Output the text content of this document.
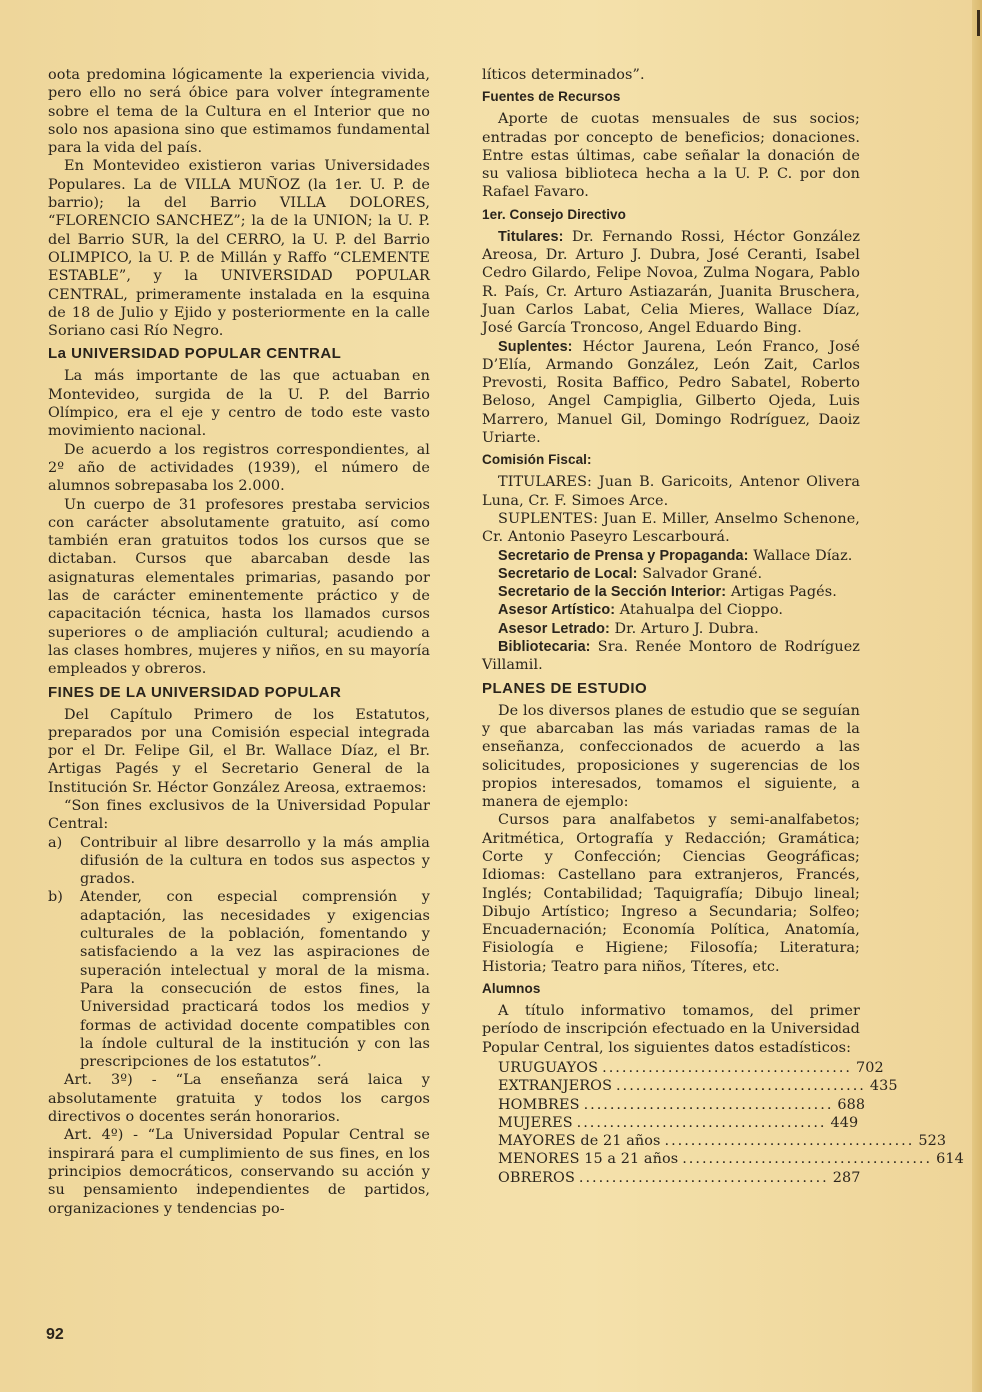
oota predomina lógicamente la experiencia vivida, pero ello no será óbice para volver íntegramente sobre el tema de la Cultura en el Interior que no solo nos apasiona sino que estimamos fundamental para la vida del país.

En Montevideo existieron varias Universidades Populares. La de VILLA MUÑOZ (la 1er. U. P. de barrio); la del Barrio VILLA DOLORES, “FLORENCIO SANCHEZ”; la de la UNION; la U. P. del Barrio SUR, la del CERRO, la U. P. del Barrio OLIMPICO, la U. P. de Millán y Raffo “CLEMENTE ESTABLE”, y la UNIVERSIDAD POPULAR CENTRAL, primeramente instalada en la esquina de 18 de Julio y Ejido y posteriormente en la calle Soriano casi Río Negro.

La UNIVERSIDAD POPULAR CENTRAL

La más importante de las que actuaban en Montevideo, surgida de la U. P. del Barrio Olímpico, era el eje y centro de todo este vasto movimiento nacional.

De acuerdo a los registros correspondientes, al 2º año de actividades (1939), el número de alumnos sobrepasaba los 2.000.

Un cuerpo de 31 profesores prestaba servicios con carácter absolutamente gratuito, así como también eran gratuitos todos los cursos que se dictaban. Cursos que abarcaban desde las asignaturas elementales primarias, pasando por las de carácter eminentemente práctico y de capacitación técnica, hasta los llamados cursos superiores o de ampliación cultural; acudiendo a las clases hombres, mujeres y niños, en su mayoría empleados y obreros.

FINES DE LA UNIVERSIDAD POPULAR

Del Capítulo Primero de los Estatutos, preparados por una Comisión especial integrada por el Dr. Felipe Gil, el Br. Wallace Díaz, el Br. Artigas Pagés y el Secretario General de la Institución Sr. Héctor González Areosa, extraemos:

“Son fines exclusivos de la Universidad Popular Central:

a)	Contribuir al libre desarrollo y la más amplia difusión de la cultura en todos sus aspectos y grados.
b)	Atender, con especial comprensión y adaptación, las necesidades y exigencias culturales de la población, fomentando y satisfaciendo a la vez las aspiraciones de superación intelectual y moral de la misma. Para la consecución de estos fines, la Universidad practicará todos los medios y formas de actividad docente compatibles con la índole cultural de la institución y con las prescripciones de los estatutos”.

Art. 3º) - “La enseñanza será laica y absolutamente gratuita y todos los cargos directivos o docentes serán honorarios.

Art. 4º) - “La Universidad Popular Central se inspirará para el cumplimiento de sus fines, en los principios democráticos, conservando su acción y su pensamiento independientes de partidos, organizaciones y tendencias po-

líticos determinados”.

Fuentes de Recursos

Aporte de cuotas mensuales de sus socios; entradas por concepto de beneficios; donaciones. Entre estas últimas, cabe señalar la donación de su valiosa biblioteca hecha a la U. P. C. por don Rafael Favaro.

1er. Consejo Directivo

Titulares: Dr. Fernando Rossi, Héctor González Areosa, Dr. Arturo J. Dubra, José Ceranti, Isabel Cedro Gilardo, Felipe Novoa, Zulma Nogara, Pablo R. País, Cr. Arturo Astiazarán, Juanita Bruschera, Juan Carlos Labat, Celia Mieres, Wallace Díaz, José García Troncoso, Angel Eduardo Bing.

Suplentes: Héctor Jaurena, León Franco, José D’Elía, Armando González, León Zait, Carlos Prevosti, Rosita Baffico, Pedro Sabatel, Roberto Beloso, Angel Campiglia, Gilberto Ojeda, Luis Marrero, Manuel Gil, Domingo Rodríguez, Daoiz Uriarte.

Comisión Fiscal:

TITULARES: Juan B. Garicoits, Antenor Olivera Luna, Cr. F. Simoes Arce.

SUPLENTES: Juan E. Miller, Anselmo Schenone, Cr. Antonio Paseyro Lescarbourá.

Secretario de Prensa y Propaganda: Wallace Díaz.

Secretario de Local: Salvador Grané.

Secretario de la Sección Interior: Artigas Pagés.

Asesor Artístico: Atahualpa del Cioppo.

Asesor Letrado: Dr. Arturo J. Dubra.

Bibliotecaria: Sra. Renée Montoro de Rodríguez Villamil.

PLANES DE ESTUDIO

De los diversos planes de estudio que se seguían y que abarcaban las más variadas ramas de la enseñanza, confeccionados de acuerdo a las solicitudes, proposiciones y sugerencias de los propios interesados, tomamos el siguiente, a manera de ejemplo:

Cursos para analfabetos y semi-analfabetos; Aritmética, Ortografía y Redacción; Gramática; Corte y Confección; Ciencias Geográficas; Idiomas: Castellano para extranjeros, Francés, Inglés; Contabilidad; Taquigrafía; Dibujo lineal; Dibujo Artístico; Ingreso a Secundaria; Solfeo; Encuadernación; Economía Política, Anatomía, Fisiología e Higiene; Filosofía; Literatura; Historia; Teatro para niños, Títeres, etc.

Alumnos

A título informativo tomamos, del primer período de inscripción efectuado en la Universidad Popular Central, los siguientes datos estadísticos:

URUGUAYOS ...................................... 702
EXTRANJEROS ...................................... 435
HOMBRES ...................................... 688
MUJERES ...................................... 449
MAYORES de 21 años ...................................... 523
MENORES 15 a 21 años ...................................... 614
OBREROS ...................................... 287
92
